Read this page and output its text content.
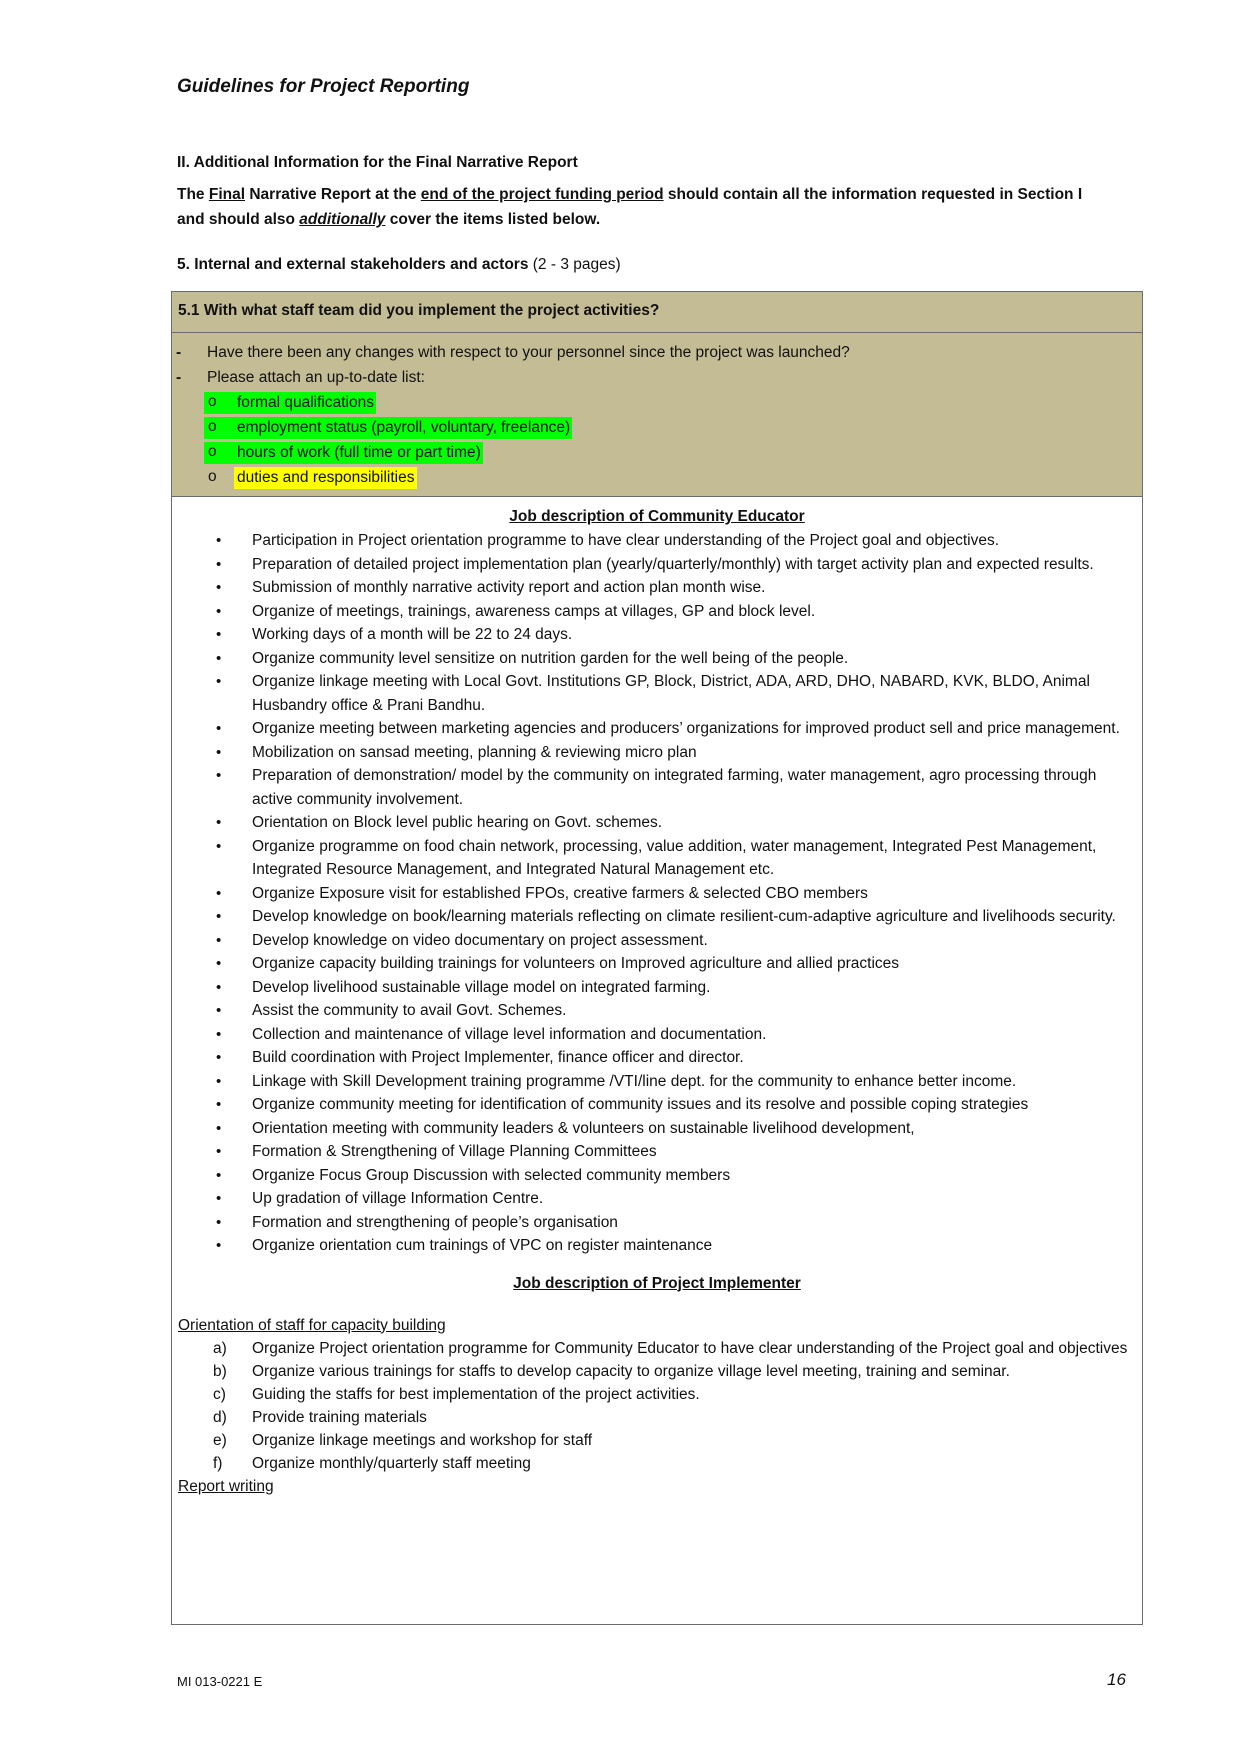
Guidelines for Project Reporting
II. Additional Information for the Final Narrative Report
The Final Narrative Report at the end of the project funding period should contain all the information requested in Section I and should also additionally cover the items listed below.
5. Internal and external stakeholders and actors (2 - 3 pages)
5.1 With what staff team did you implement the project activities?
- Have there been any changes with respect to your personnel since the project was launched?
- Please attach an up-to-date list:
o formal qualifications
o employment status (payroll, voluntary, freelance)
o hours of work (full time or part time)
o duties and responsibilities
Job description of Community Educator
• Participation in Project orientation programme to have clear understanding of the Project goal and objectives.
• Preparation of detailed project implementation plan (yearly/quarterly/monthly) with target activity plan and expected results.
• Submission of monthly narrative activity report and action plan month wise.
• Organize of meetings, trainings, awareness camps at villages, GP and block level.
• Working days of a month will be 22 to 24 days.
• Organize community level sensitize on nutrition garden for the well being of the people.
• Organize linkage meeting with Local Govt. Institutions GP, Block, District, ADA, ARD, DHO, NABARD, KVK, BLDO, Animal Husbandry office & Prani Bandhu.
• Organize meeting between marketing agencies and producers’ organizations for improved product sell and price management.
• Mobilization on sansad meeting, planning & reviewing micro plan
• Preparation of demonstration/ model by the community on integrated farming, water management, agro processing through active community involvement.
• Orientation on Block level public hearing on Govt. schemes.
• Organize programme on food chain network, processing, value addition, water management, Integrated Pest Management, Integrated Resource Management, and Integrated Natural Management etc.
• Organize Exposure visit for established FPOs, creative farmers & selected CBO members
• Develop knowledge on book/learning materials reflecting on climate resilient-cum-adaptive agriculture and livelihoods security.
• Develop knowledge on video documentary on project assessment.
• Organize capacity building trainings for volunteers on Improved agriculture and allied practices
• Develop livelihood sustainable village model on integrated farming.
• Assist the community to avail Govt. Schemes.
• Collection and maintenance of village level information and documentation.
• Build coordination with Project Implementer, finance officer and director.
• Linkage with Skill Development training programme /VTI/line dept. for the community to enhance better income.
• Organize community meeting for identification of community issues and its resolve and possible coping strategies
• Orientation meeting with community leaders & volunteers on sustainable livelihood development,
• Formation & Strengthening of Village Planning Committees
• Organize Focus Group Discussion with selected community members
• Up gradation of village Information Centre.
• Formation and strengthening of people’s organisation
• Organize orientation cum trainings of VPC on register maintenance
Job description of Project Implementer
Orientation of staff for capacity building
a) Organize Project orientation programme for Community Educator to have clear understanding of the Project goal and objectives
b) Organize various trainings for staffs to develop capacity to organize village level meeting, training and seminar.
c) Guiding the staffs for best implementation of the project activities.
d) Provide training materials
e) Organize linkage meetings and workshop for staff
f) Organize monthly/quarterly staff meeting
Report writing
MI 013-0221 E	16
